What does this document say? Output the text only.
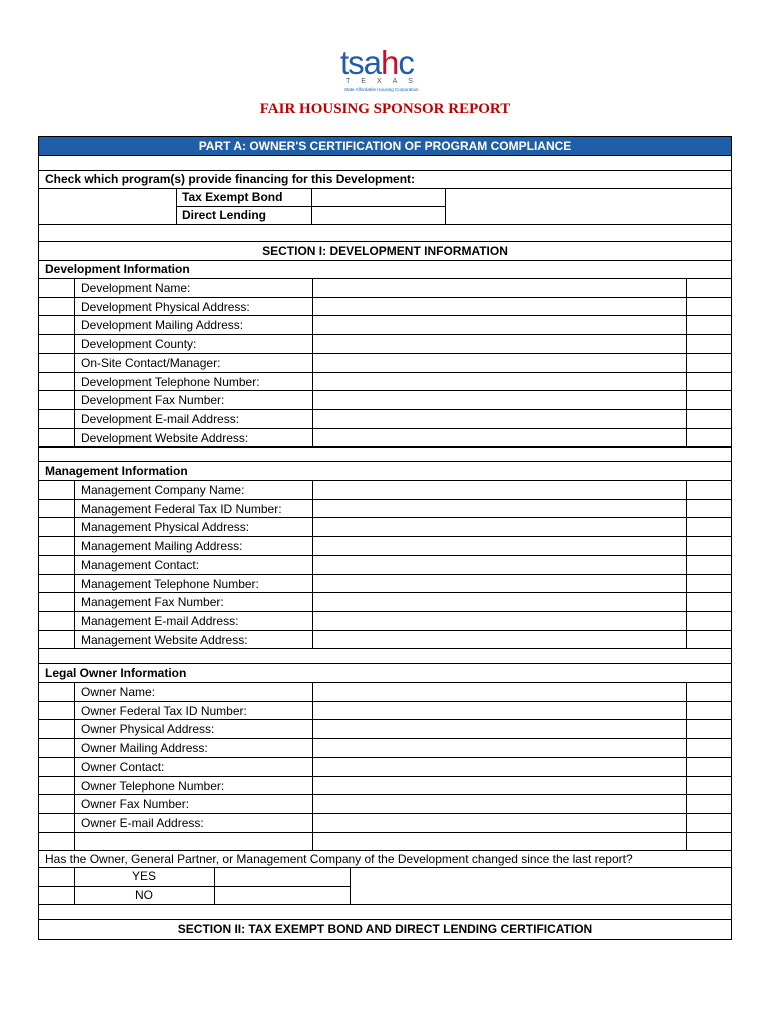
tsahc
TEXAS
State Affordable Housing Corporation
FAIR HOUSING SPONSOR REPORT
PART A: OWNER'S CERTIFICATION OF PROGRAM COMPLIANCE
Check which program(s) provide financing for this Development:
Tax Exempt Bond
Direct Lending
SECTION I: DEVELOPMENT INFORMATION
Development Information
Development Name:
Development Physical Address:
Development Mailing Address:
Development County:
On-Site Contact/Manager:
Development Telephone Number:
Development Fax Number:
Development E-mail Address:
Development Website Address:
Management Information
Management Company Name:
Management Federal Tax ID Number:
Management Physical Address:
Management Mailing Address:
Management Contact:
Management Telephone Number:
Management Fax Number:
Management E-mail Address:
Management Website Address:
Legal Owner Information
Owner Name:
Owner Federal Tax ID Number:
Owner Physical Address:
Owner Mailing Address:
Owner Contact:
Owner Telephone Number:
Owner Fax Number:
Owner E-mail Address:
Has the Owner, General Partner, or Management Company of the Development changed since the last report?
YES
NO
SECTION II: TAX EXEMPT BOND AND DIRECT LENDING CERTIFICATION
